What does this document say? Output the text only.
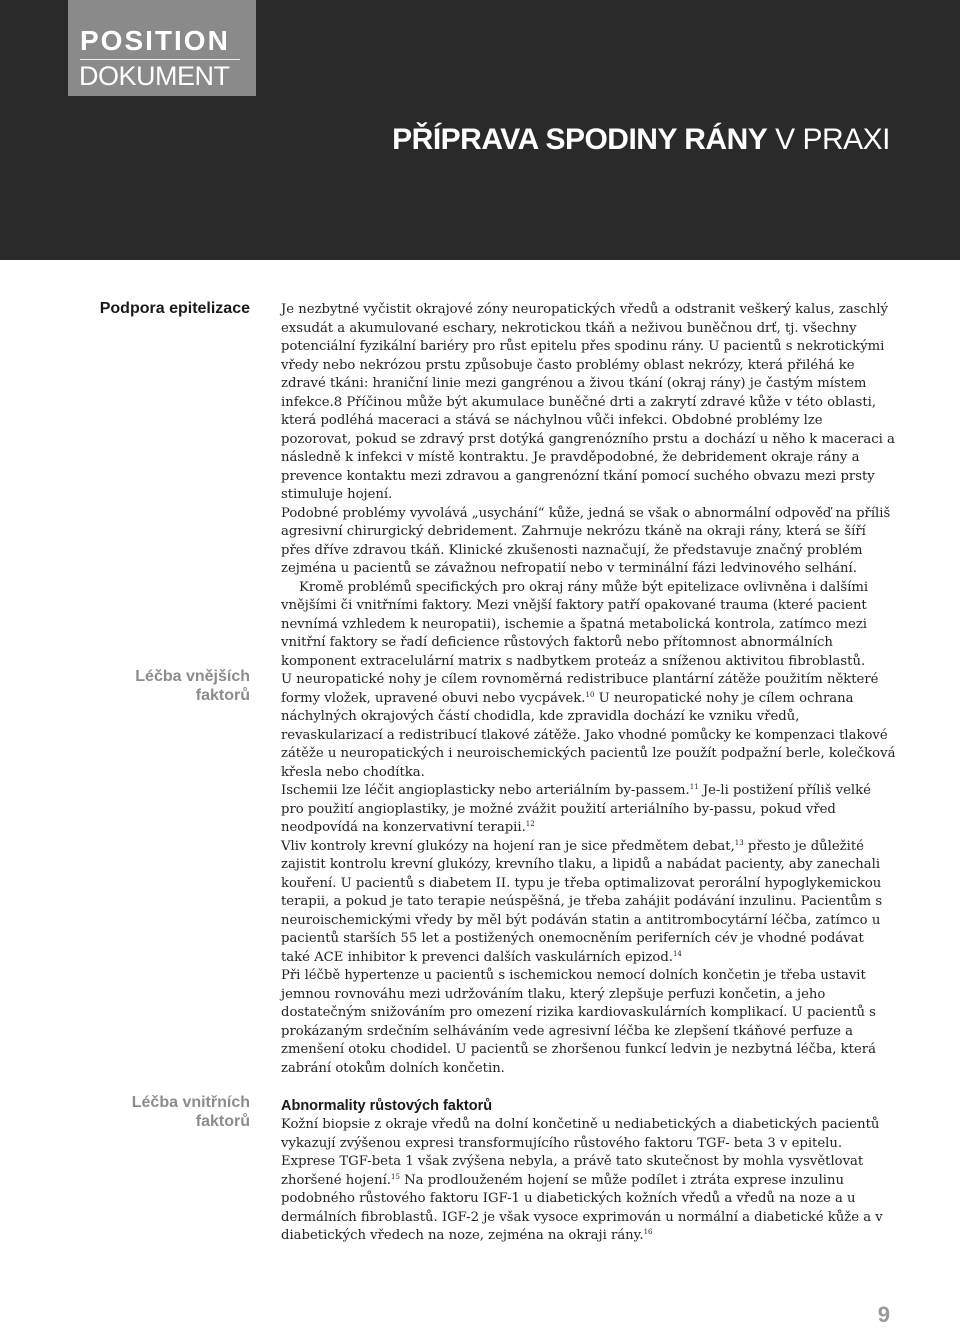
POSITION
DOKUMENT
PŘÍPRAVA SPODINY RÁNY V PRAXI
Podpora epitelizace Je nezbytné vyčistit okrajové zóny neuropatických vředů a odstranit veškerý kalus, zaschlý exsudát a akumulované eschary, nekrotickou tkáň a neživou buněčnou drť, tj. všechny potenciální fyzikální bariéry pro růst epitelu přes spodinu rány. U pacientů s nekrotickými vředy nebo nekrózou prstu způsobuje často problémy oblast nekrózy, která přiléhá ke zdravé tkáni: hraniční linie mezi gangrénou a živou tkání (okraj rány) je častým místem infekce.8 Příčinou může být akumulace buněčné drti a zakrytí zdravé kůže v této oblasti, která podléhá maceraci a stává se náchylnou vůči infekci. Obdobné problémy lze pozorovat, pokud se zdravý prst dotýká gangrenózního prstu a dochází u něho k maceraci a následně k infekci v místě kontraktu. Je pravděpodobné, že debridement okraje rány a prevence kontaktu mezi zdravou a gangrenózní tkání pomocí suchého obvazu mezi prsty stimuluje hojení.

Podobné problémy vyvolává „usychání“ kůže, jedná se však o abnormální odpověď na příliš agresivní chirurgický debridement. Zahrnuje nekrózu tkáně na okraji rány, která se šíří přes dříve zdravou tkáň. Klinické zkušenosti naznačují, že představuje značný problém zejména u pacientů se závažnou nefropatií nebo v terminální fázi ledvinového selhání.

Kromě problémů specifických pro okraj rány může být epitelizace ovlivněna i dalšími vnějšími či vnitřními faktory. Mezi vnější faktory patří opakované trauma (které pacient nevnímá vzhledem k neuropatii), ischemie a špatná metabolická kontrola, zatímco mezi vnitřní faktory se řadí deficience růstových faktorů nebo přítomnost abnormálních komponent extracelulární matrix s nadbytkem proteáz a sníženou aktivitou fibroblastů.

Léčba vnějších
faktorů

U neuropatické nohy je cílem rovnoměrná redistribuce plantární zátěže použitím některé formy vložek, upravené obuvi nebo vycpávek.$^{10}$ U neuropatické nohy je cílem ochrana náchylných okrajových částí chodidla, kde zpravidla dochází ke vzniku vředů, revaskularizací a redistribucí tlakové zátěže. Jako vhodné pomůcky ke kompenzaci tlakové zátěže u neuropatických i neuroischemických pacientů lze použít podpažní berle, kolečková křesla nebo chodítka.

Ischemii lze léčit angioplasticky nebo arteriálním by-passem.$^{11}$ Je-li postižení příliš velké pro použití angioplastiky, je možné zvážit použití arteriálního by-passu, pokud vřed neodpovídá na konzervativní terapii.$^{12}$

Vliv kontroly krevní glukózy na hojení ran je sice předmětem debat,$^{13}$ přesto je důležité zajistit kontrolu krevní glukózy, krevního tlaku, a lipidů a nabádat pacienty, aby zanechali kouření. U pacientů s diabetem II. typu je třeba optimalizovat perorální hypoglykemickou terapii, a pokud je tato terapie neúspěšná, je třeba zahájit podávání inzulinu. Pacientům s neuroischemickými vředy by měl být podáván statin a antitrombocytární léčba, zatímco u pacientů starších 55 let a postižených onemocněním periferních cév je vhodné podávat také ACE inhibitor k prevenci dalších vaskulárních epizod.$^{14}$

Při léčbě hypertenze u pacientů s ischemickou nemocí dolních končetin je třeba ustavit jemnou rovnováhu mezi udržováním tlaku, který zlepšuje perfuzi končetin, a jeho dostatečným snižováním pro omezení rizika kardiovaskulárních komplikací. U pacientů s prokázaným srdečním selháváním vede agresivní léčba ke zlepšení tkáňové perfuze a zmenšení otoku chodidel. U pacientů se zhoršenou funkcí ledvin je nezbytná léčba, která zabrání otokům dolních končetin.

Léčba vnitřních
faktorů
Abnormality růstových faktorů

Kožní biopsie z okraje vředů na dolní končetině u nediabetických a diabetických pacientů vykazují zvýšenou expresi transformujícího růstového faktoru TGF- beta 3 v epitelu. Exprese TGF-beta 1 však zvýšena nebyla, a právě tato skutečnost by mohla vysvětlovat zhoršené hojení.$^{15}$ Na prodlouženém hojení se může podílet i ztráta exprese inzulinu podobného růstového faktoru IGF-1 u diabetických kožních vředů a vředů na noze a u dermálních fibroblastů. IGF-2 je však vysoce exprimován u normální a diabetické kůže a v diabetických vředech na noze, zejména na okraji rány.$^{16}$

9
